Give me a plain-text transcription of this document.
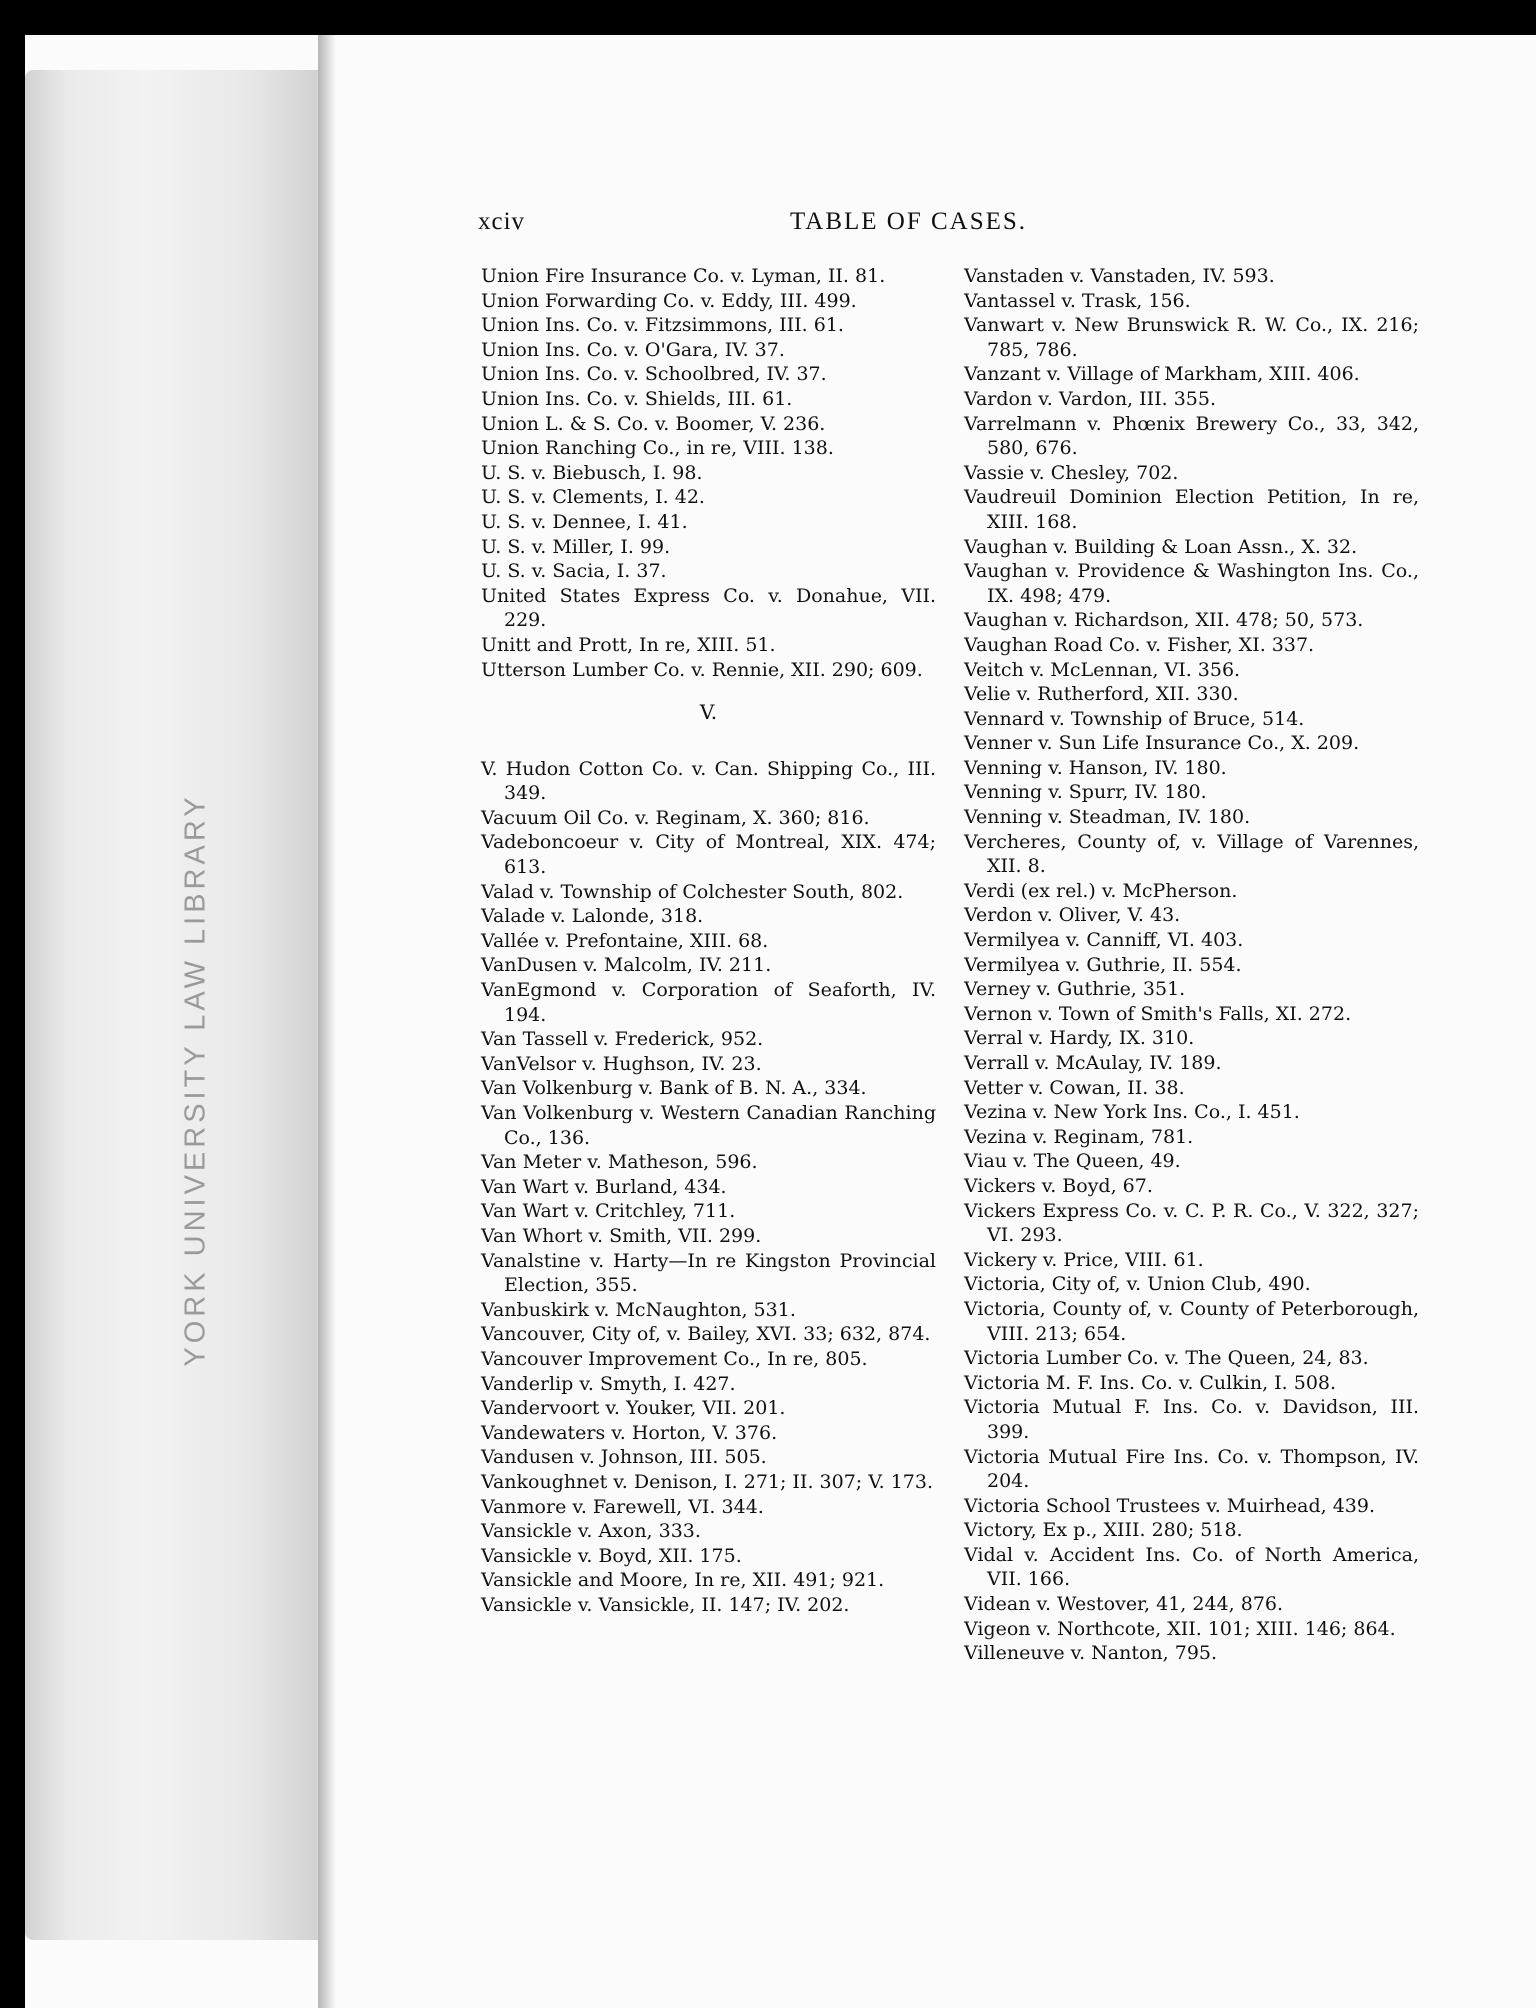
YORK UNIVERSITY LAW LIBRARY
xciv	TABLE OF CASES.

Union Fire Insurance Co. v. Lyman, II. 81.

Union Forwarding Co. v. Eddy, III. 499.

Union Ins. Co. v. Fitzsimmons, III. 61.

Union Ins. Co. v. O'Gara, IV. 37.

Union Ins. Co. v. Schoolbred, IV. 37.

Union Ins. Co. v. Shields, III. 61.

Union L. & S. Co. v. Boomer, V. 236.

Union Ranching Co., in re, VIII. 138.

U. S. v. Biebusch, I. 98.

U. S. v. Clements, I. 42.

U. S. v. Dennee, I. 41.

U. S. v. Miller, I. 99.

U. S. v. Sacia, I. 37.

United States Express Co. v. Donahue, VII. 229.

Unitt and Prott, In re, XIII. 51.

Utterson Lumber Co. v. Rennie, XII. 290; 609.

V.

V. Hudon Cotton Co. v. Can. Shipping Co., III. 349.

Vacuum Oil Co. v. Reginam, X. 360; 816.

Vadeboncoeur v. City of Montreal, XIX. 474; 613.

Valad v. Township of Colchester South, 802.

Valade v. Lalonde, 318.

Vallée v. Prefontaine, XIII. 68.

VanDusen v. Malcolm, IV. 211.

VanEgmond v. Corporation of Seaforth, IV. 194.

Van Tassell v. Frederick, 952.

VanVelsor v. Hughson, IV. 23.

Van Volkenburg v. Bank of B. N. A., 334.

Van Volkenburg v. Western Canadian Ranching Co., 136.

Van Meter v. Matheson, 596.

Van Wart v. Burland, 434.

Van Wart v. Critchley, 711.

Van Whort v. Smith, VII. 299.

Vanalstine v. Harty—In re Kingston Provincial Election, 355.

Vanbuskirk v. McNaughton, 531.

Vancouver, City of, v. Bailey, XVI. 33; 632, 874.

Vancouver Improvement Co., In re, 805.

Vanderlip v. Smyth, I. 427.

Vandervoort v. Youker, VII. 201.

Vandewaters v. Horton, V. 376.

Vandusen v. Johnson, III. 505.

Vankoughnet v. Denison, I. 271; II. 307; V. 173.

Vanmore v. Farewell, VI. 344.

Vansickle v. Axon, 333.

Vansickle v. Boyd, XII. 175.

Vansickle and Moore, In re, XII. 491; 921.

Vansickle v. Vansickle, II. 147; IV. 202.

Vanstaden v. Vanstaden, IV. 593.

Vantassel v. Trask, 156.

Vanwart v. New Brunswick R. W. Co., IX. 216; 785, 786.

Vanzant v. Village of Markham, XIII. 406.

Vardon v. Vardon, III. 355.

Varrelmann v. Phœnix Brewery Co., 33, 342, 580, 676.

Vassie v. Chesley, 702.

Vaudreuil Dominion Election Petition, In re, XIII. 168.

Vaughan v. Building & Loan Assn., X. 32.

Vaughan v. Providence & Washington Ins. Co., IX. 498; 479.

Vaughan v. Richardson, XII. 478; 50, 573.

Vaughan Road Co. v. Fisher, XI. 337.

Veitch v. McLennan, VI. 356.

Velie v. Rutherford, XII. 330.

Vennard v. Township of Bruce, 514.

Venner v. Sun Life Insurance Co., X. 209.

Venning v. Hanson, IV. 180.

Venning v. Spurr, IV. 180.

Venning v. Steadman, IV. 180.

Vercheres, County of, v. Village of Varennes, XII. 8.

Verdi (ex rel.) v. McPherson.

Verdon v. Oliver, V. 43.

Vermilyea v. Canniff, VI. 403.

Vermilyea v. Guthrie, II. 554.

Verney v. Guthrie, 351.

Vernon v. Town of Smith's Falls, XI. 272.

Verral v. Hardy, IX. 310.

Verrall v. McAulay, IV. 189.

Vetter v. Cowan, II. 38.

Vezina v. New York Ins. Co., I. 451.

Vezina v. Reginam, 781.

Viau v. The Queen, 49.

Vickers v. Boyd, 67.

Vickers Express Co. v. C. P. R. Co., V. 322, 327; VI. 293.

Vickery v. Price, VIII. 61.

Victoria, City of, v. Union Club, 490.

Victoria, County of, v. County of Peterborough, VIII. 213; 654.

Victoria Lumber Co. v. The Queen, 24, 83.

Victoria M. F. Ins. Co. v. Culkin, I. 508.

Victoria Mutual F. Ins. Co. v. Davidson, III. 399.

Victoria Mutual Fire Ins. Co. v. Thompson, IV. 204.

Victoria School Trustees v. Muirhead, 439.

Victory, Ex p., XIII. 280; 518.

Vidal v. Accident Ins. Co. of North America, VII. 166.

Videan v. Westover, 41, 244, 876.

Vigeon v. Northcote, XII. 101; XIII. 146; 864.

Villeneuve v. Nanton, 795.
